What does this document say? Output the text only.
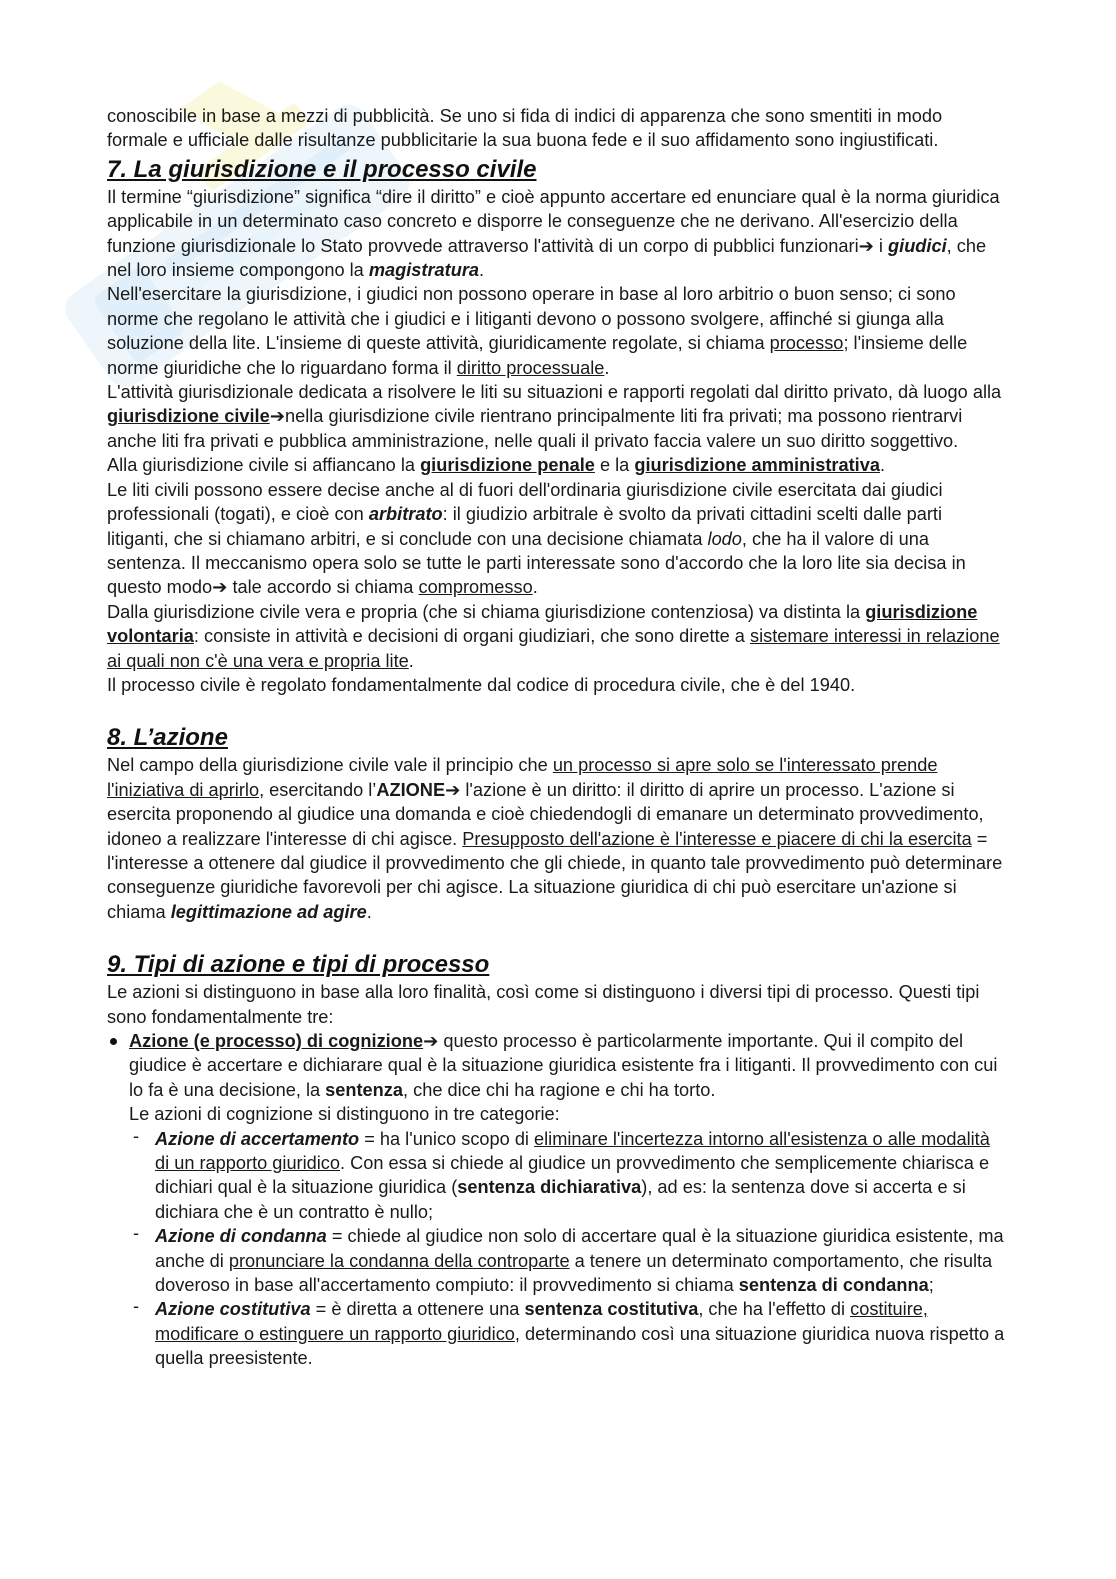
conoscibile in base a mezzi di pubblicità. Se uno si fida di indici di apparenza che sono smentiti in modo formale e ufficiale dalle risultanze pubblicitarie la sua buona fede e il suo affidamento sono ingiustificati.

7. La giurisdizione e il processo civile

Il termine “giurisdizione” significa “dire il diritto” e cioè appunto accertare ed enunciare qual è la norma giuridica applicabile in un determinato caso concreto e disporre le conseguenze che ne derivano. All'esercizio della funzione giurisdizionale lo Stato provvede attraverso l'attività di un corpo di pubblici funzionari➔ i giudici, che nel loro insieme compongono la magistratura.

Nell'esercitare la giurisdizione, i giudici non possono operare in base al loro arbitrio o buon senso; ci sono norme che regolano le attività che i giudici e i litiganti devono o possono svolgere, affinché si giunga alla soluzione della lite. L'insieme di queste attività, giuridicamente regolate, si chiama processo; l'insieme delle norme giuridiche che lo riguardano forma il diritto processuale.

L'attività giurisdizionale dedicata a risolvere le liti su situazioni e rapporti regolati dal diritto privato, dà luogo alla giurisdizione civile➔nella giurisdizione civile rientrano principalmente liti fra privati; ma possono rientrarvi anche liti fra privati e pubblica amministrazione, nelle quali il privato faccia valere un suo diritto soggettivo.

Alla giurisdizione civile si affiancano la giurisdizione penale e la giurisdizione amministrativa.

Le liti civili possono essere decise anche al di fuori dell'ordinaria giurisdizione civile esercitata dai giudici professionali (togati), e cioè con arbitrato: il giudizio arbitrale è svolto da privati cittadini scelti dalle parti litiganti, che si chiamano arbitri, e si conclude con una decisione chiamata lodo, che ha il valore di una sentenza. Il meccanismo opera solo se tutte le parti interessate sono d'accordo che la loro lite sia decisa in questo modo➔ tale accordo si chiama compromesso.

Dalla giurisdizione civile vera e propria (che si chiama giurisdizione contenziosa) va distinta la giurisdizione volontaria: consiste in attività e decisioni di organi giudiziari, che sono dirette a sistemare interessi in relazione ai quali non c'è una vera e propria lite.

Il processo civile è regolato fondamentalmente dal codice di procedura civile, che è del 1940.

8. L’azione

Nel campo della giurisdizione civile vale il principio che un processo si apre solo se l'interessato prende l'iniziativa di aprirlo, esercitando l’AZIONE➔ l'azione è un diritto: il diritto di aprire un processo. L'azione si esercita proponendo al giudice una domanda e cioè chiedendogli di emanare un determinato provvedimento, idoneo a realizzare l'interesse di chi agisce. Presupposto dell'azione è l'interesse e piacere di chi la esercita = l'interesse a ottenere dal giudice il provvedimento che gli chiede, in quanto tale provvedimento può determinare conseguenze giuridiche favorevoli per chi agisce. La situazione giuridica di chi può esercitare un'azione si chiama legittimazione ad agire.

9. Tipi di azione e tipi di processo

Le azioni si distinguono in base alla loro finalità, così come si distinguono i diversi tipi di processo. Questi tipi sono fondamentalmente tre:

Azione (e processo) di cognizione➔ questo processo è particolarmente importante. Qui il compito del giudice è accertare e dichiarare qual è la situazione giuridica esistente fra i litiganti. Il provvedimento con cui lo fa è una decisione, la sentenza, che dice chi ha ragione e chi ha torto.
Le azioni di cognizione si distinguono in tre categorie:
- Azione di accertamento = ha l'unico scopo di eliminare l'incertezza intorno all'esistenza o alle modalità di un rapporto giuridico. Con essa si chiede al giudice un provvedimento che semplicemente chiarisca e dichiari qual è la situazione giuridica (sentenza dichiarativa), ad es: la sentenza dove si accerta e si dichiara che è un contratto è nullo;
- Azione di condanna = chiede al giudice non solo di accertare qual è la situazione giuridica esistente, ma anche di pronunciare la condanna della controparte a tenere un determinato comportamento, che risulta doveroso in base all'accertamento compiuto: il provvedimento si chiama sentenza di condanna;
- Azione costitutiva = è diretta a ottenere una sentenza costitutiva, che ha l'effetto di costituire, modificare o estinguere un rapporto giuridico, determinando così una situazione giuridica nuova rispetto a quella preesistente.
